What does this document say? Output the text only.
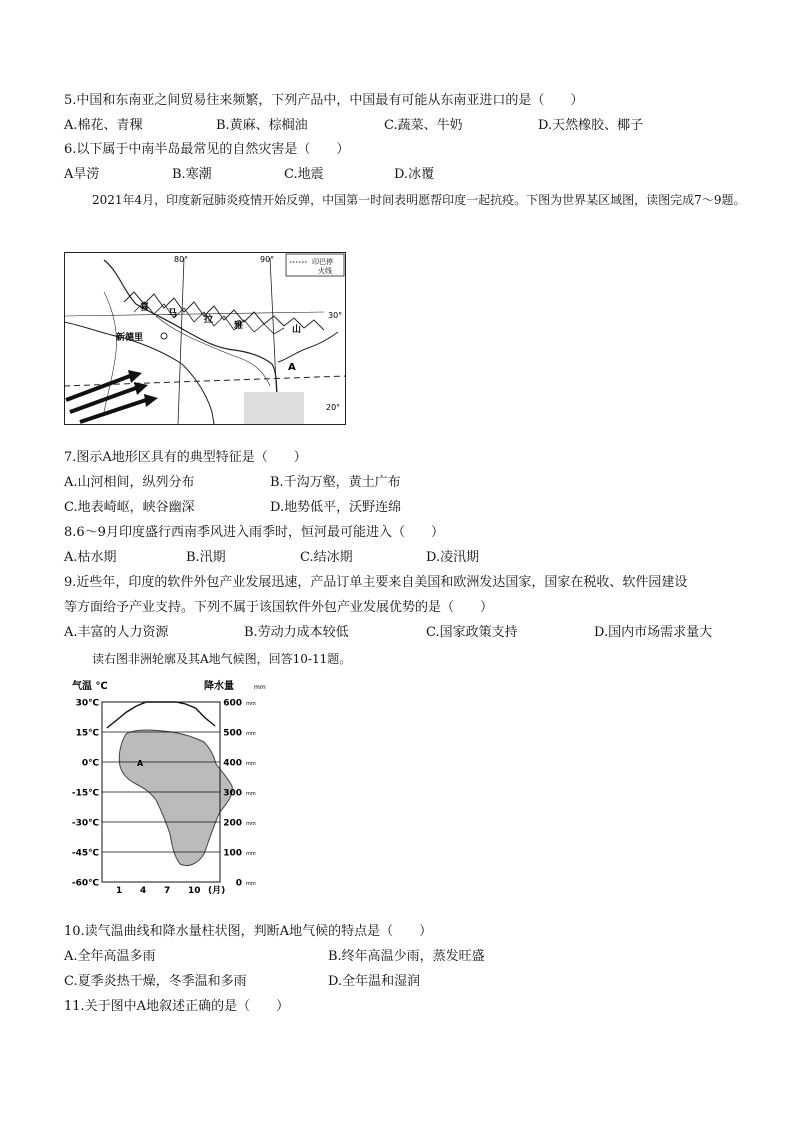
5.中国和东南亚之间贸易往来频繁，下列产品中，中国最有可能从东南亚进口的是（　　）
A.棉花、青稞	B.黄麻、棕榈油	C.蔬菜、牛奶	D.天然橡胶、椰子
6.以下属于中南半岛最常见的自然灾害是（　　）
A旱涝	B.寒潮	C.地震	D.冰覆
2021年4月，印度新冠肺炎疫情开始反弹，中国第一时间表明愿帮印度一起抗疫。下图为世界某区域图，读图完成7～9题。
印巴停
火线
80°	90°
30°
20°
喜
马
拉
雅	山
新德里
A
7.图示A地形区具有的典型特征是（　　）
A.山河相间，纵列分布	B.千沟万壑，黄土广布
C.地表崎岖，峡谷幽深	D.地势低平，沃野连绵
8.6～9月印度盛行西南季风进入雨季时，恒河最可能进入（　　）
A.枯水期	B.汛期	C.结冰期	D.凌汛期
9.近些年，印度的软件外包产业发展迅速，产品订单主要来自美国和欧洲发达国家，国家在税收、软件园建设
等方面给予产业支持。下列不属于该国软件外包产业发展优势的是（　　）
A.丰富的人力资源	B.劳动力成本较低	C.国家政策支持	D.国内市场需求量大
读右图非洲轮廓及其A地气候图，回答10-11题。
30℃	600 mm
15℃	500 mm
0℃	400 mm
-15℃	300 mm
-30℃	200 mm
-45℃	100 mm
-60℃	0 mm
1 4 7 10 (月)
气温 ℃	降水量	mm
A
10.读气温曲线和降水量柱状图，判断A地气候的特点是（　　）
A.全年高温多雨	B.终年高温少雨，蒸发旺盛
C.夏季炎热干燥，冬季温和多雨	D.全年温和湿润
11.关于图中A地叙述正确的是（　　）
